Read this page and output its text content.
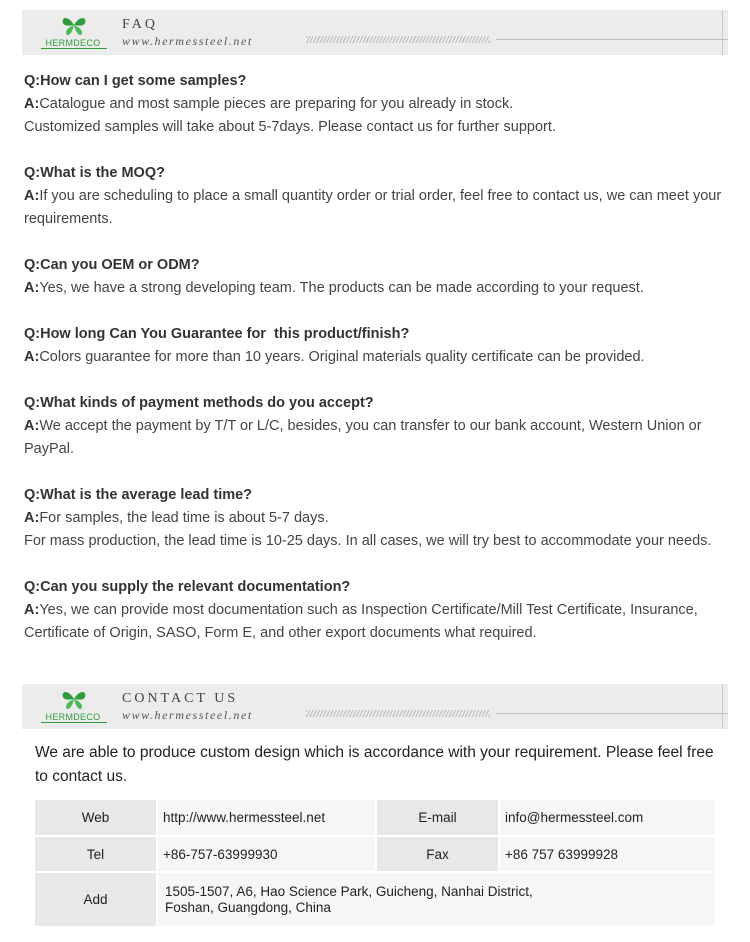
HERMDECO
FAQ
www.hermessteel.net
Q:How can I get some samples?
A:Catalogue and most sample pieces are preparing for you already in stock.
Customized samples will take about 5-7days. Please contact us for further support.
Q:What is the MOQ?
A:If you are scheduling to place a small quantity order or trial order, feel free to contact us, we can meet your requirements.
Q:Can you OEM or ODM?
A:Yes, we have a strong developing team. The products can be made according to your request.
Q:How long Can You Guarantee for  this product/finish?
A:Colors guarantee for more than 10 years. Original materials quality certificate can be provided.
Q:What kinds of payment methods do you accept?
A:We accept the payment by T/T or L/C, besides, you can transfer to our bank account, Western Union or PayPal.
Q:What is the average lead time?
A:For samples, the lead time is about 5-7 days.
For mass production, the lead time is 10-25 days. In all cases, we will try best to accommodate your needs.
Q:Can you supply the relevant documentation?
A:Yes, we can provide most documentation such as Inspection Certificate/Mill Test Certificate, Insurance, Certificate of Origin, SASO, Form E, and other export documents what required.
HERMDECO
CONTACT US
www.hermessteel.net
We are able to produce custom design which is accordance with your requirement. Please feel free to contact us.
Web	http://www.hermessteel.net	E-mail	info@hermessteel.com
Tel	+86-757-63999930	Fax	+86 757 63999928
Add
1505-1507, A6, Hao Science Park, Guicheng, Nanhai District,
Foshan, Guangdong, China
